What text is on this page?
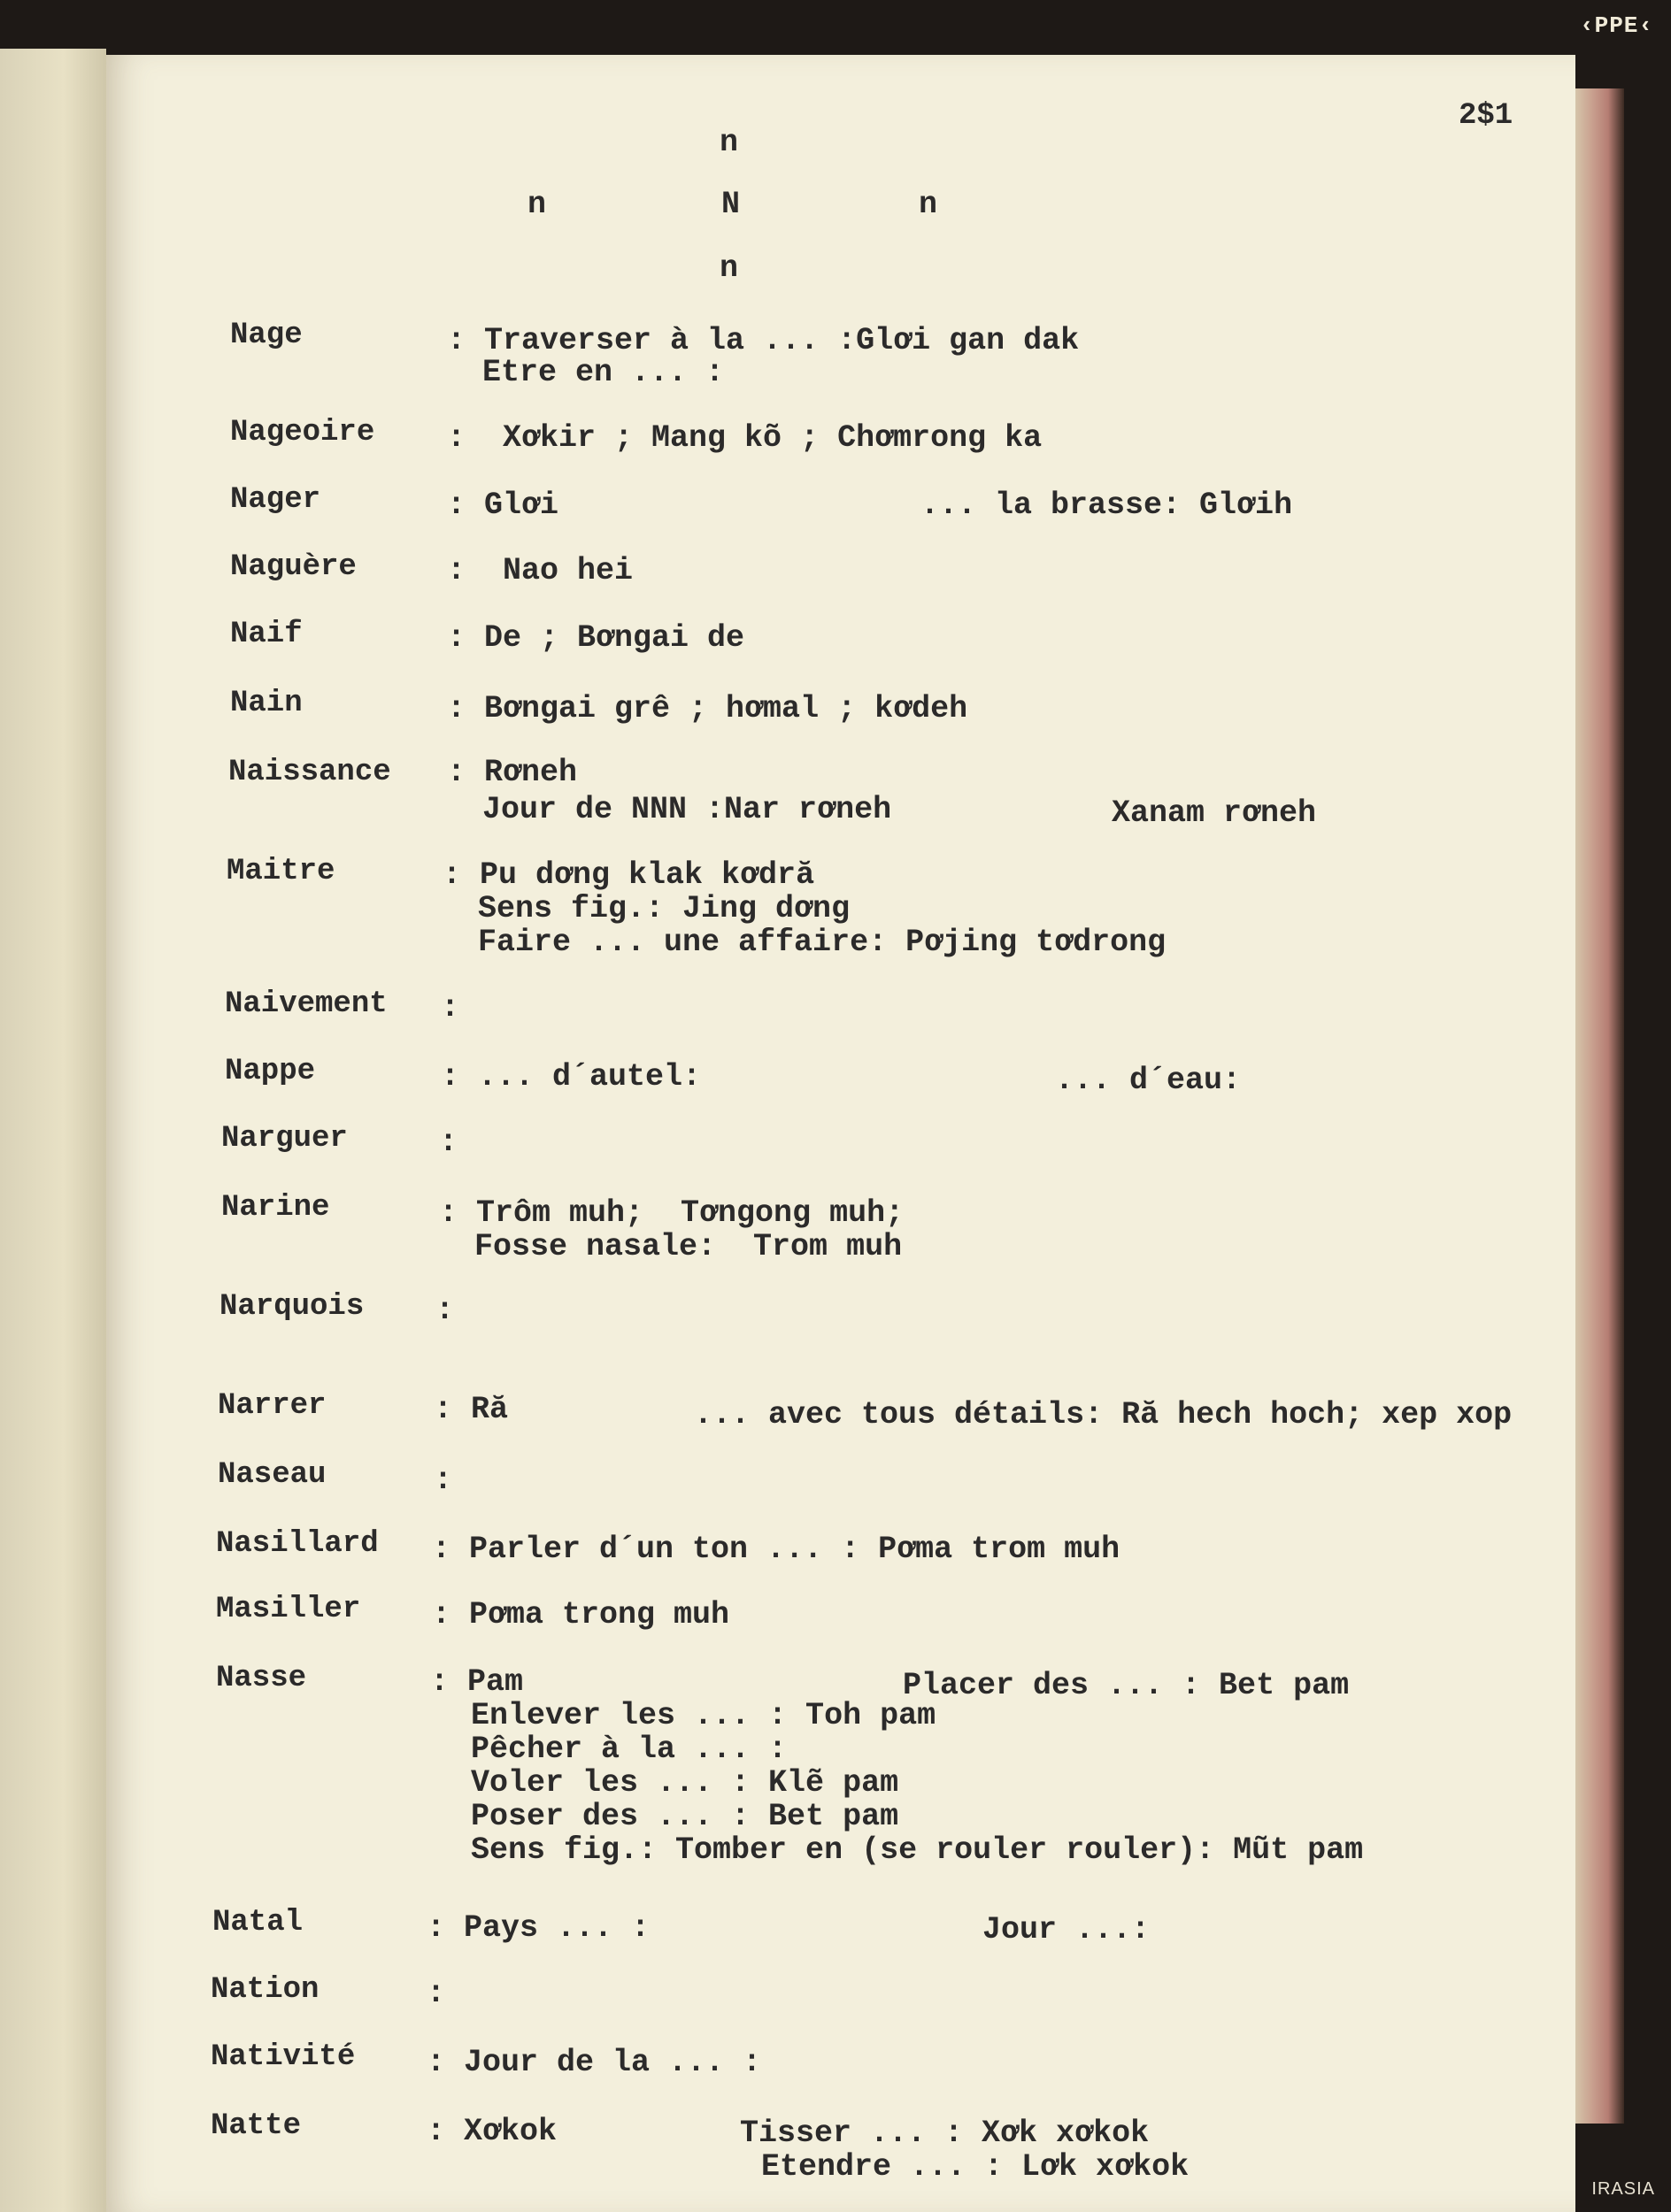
‹PPE‹
2$1
n
n	N	n
n
Nage	: Traverser à la ... :Glơi gan dak
Etre en ... :
Nageoire :  Xơkir ; Mang kõ ; Chơmrong ka
Nager	: Glơi	... la brasse: Glơih
Naguère	:  Nao hei
Naif	: De ; Bơngai de
Nain	: Bơngai grê ; hơmal ; kơdeh
Naissance : Rơneh
Jour de NNN :Nar rơneh	Xanam rơneh
Maitre	: Pu dơng klak kơdră
Sens fig.: Jing dơng
Faire ... une affaire: Pơjing tơdrong
Naivement :
Nappe	: ... d´autel:	... d´eau:
Narguer	:
Narine	: Trôm muh;  Tơngong muh;
Fosse nasale:  Trom muh
Narquois :
Narrer	: Ră	... avec tous détails: Ră hech hoch; xep xop
Naseau	:
Nasillard : Parler d´un ton ... : Pơma trom muh
Masiller : Pơma trong muh
Nasse	: Pam	Placer des ... : Bet pam
Enlever les ... : Toh pam
Pêcher à la ... :
Voler les ... : Klẽ pam
Poser des ... : Bet pam
Sens fig.: Tomber en (se rouler rouler): Mũt pam
Natal	: Pays ... :	Jour ...:
Nation	:
Nativité : Jour de la ... :
Natte	: Xơkok	Tisser ... : Xơk xơkok
Etendre ... : Lơk xơkok
IRASIA
